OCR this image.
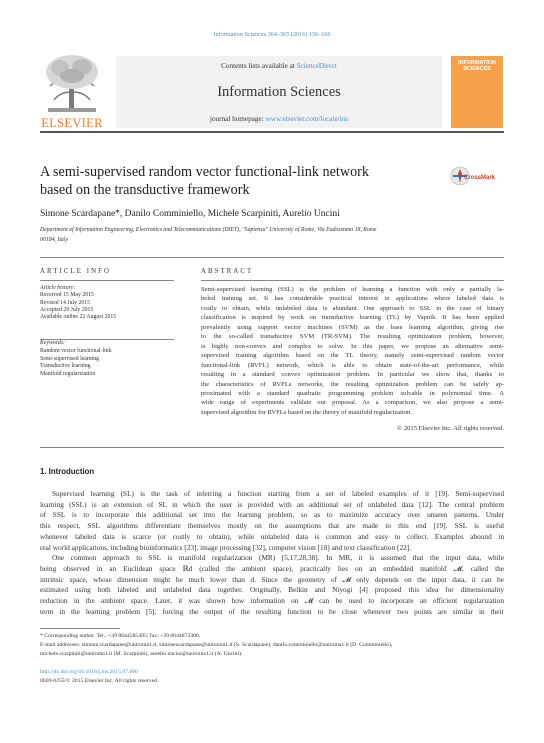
Information Sciences 364–365 (2016) 156–166
ELSEVIER
Contents lists available at ScienceDirect
Information Sciences
journal homepage: www.elsevier.com/locate/ins
INFORMATION SCIENCES
A semi-supervised random vector functional-link network
based on the transductive framework
CrossMark
Simone Scardapane*, Danilo Comminiello, Michele Scarpiniti, Aurelio Uncini
Department of Information Engineering, Electronics and Telecommunications (DIET), "Sapienza" University of Rome, Via Eudossiana 18, Rome
00184, Italy
ARTICLE INFO	ABSTRACT
Article history:
Received 15 May 2015
Revised 14 July 2015
Accepted 29 July 2015
Available online 22 August 2015
Keywords:
Random vector functional-link
Semi-supervised learning
Transductive learning
Manifold regularization
Semi-supervised learning (SSL) is the problem of learning a function with only a partially la-
beled training set. It has considerable practical interest in applications where labeled data is
costly to obtain, while unlabeled data is abundant. One approach to SSL in the case of binary
classification is inspired by work on transductive learning (TL) by Vapnik. It has been applied
prevalently using support vector machines (SVM) as the base learning algorithm, giving rise
to the so-called transductive SVM (TR-SVM). The resulting optimization problem, however,
is highly non-convex and complex to solve. In this paper, we propose an alternative semi-
supervised training algorithm based on the TL theory, namely semi-supervised random vector
functional-link (RVFL) network, which is able to obtain state-of-the-art performance, while
resulting in a standard convex optimization problem. In particular we show that, thanks to
the characteristics of RVFLs networks, the resulting optimization problem can be safely ap-
proximated with a standard quadratic programming problem solvable in polynomial time. A
wide range of experiments validate our proposal. As a comparison, we also propose a semi-
supervised algorithm for RVFLs based on the theory of manifold regularization.
© 2015 Elsevier Inc. All rights reserved.
1. Introduction
Supervised learning (SL) is the task of inferring a function starting from a set of labeled examples of it [19]. Semi-supervised
learning (SSL) is an extension of SL in which the user is provided with an additional set of unlabeled data [12]. The central problem
of SSL is to incorporate this additional set into the learning problem, so as to maximize accuracy over unseen patterns. Under
this respect, SSL algorithms differentiate themselves mostly on the assumptions that are made to this end [19]. SSL is useful
whenever labeled data is scarce (or costly to obtain), while unlabeled data is common and easy to collect. Examples abound in
real world applications, including bioinformatics [23], image processing [32], computer vision [18] and text classification [22].
One common approach to SSL is manifold regularization (MR) [5,17,28,38]. In MR, it is assumed that the input data, while
being observed in an Euclidean space ℝd (called the ambient space), practically lies on an embedded manifold 𝓜, called the
intrinsic space, whose dimension might be much lower than d. Since the geometry of 𝓜 only depends on the input data, it can be
estimated using both labeled and unlabeled data together. Originally, Belkin and Niyogi [4] proposed this idea for dimensionality
reduction in the ambient space. Later, it was shown how information on 𝓜 can be used to incorporate an efficient regularization
term in the learning problem [5], forcing the output of the resulting function to be close whenever two points are similar in their
* Corresponding author. Tel.: +39 0644585495; fax: +39 0644873300.
E-mail addresses: simone.scardapane@uniroma1.it, simonescardapane@uniroma1.it (S. Scardapane), danilo.comminiello@uniroma1.it (D. Comminiello),
michele.scarpiniti@uniroma1.it (M. Scarpiniti), aurelio.uncini@uniroma1.it (A. Uncini).
http://dx.doi.org/10.1016/j.ins.2015.07.060
0020-0255/© 2015 Elsevier Inc. All rights reserved.
